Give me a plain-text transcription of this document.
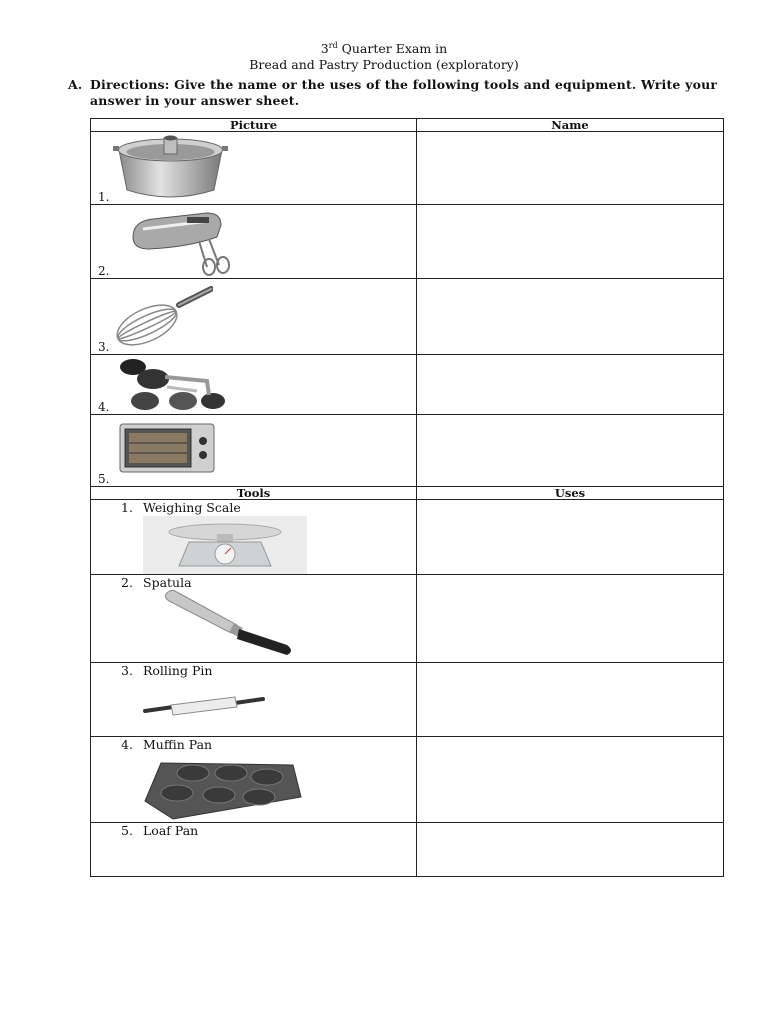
3rd Quarter Exam in
Bread and Pastry Production (exploratory)
A. Directions: Give the name or the uses of the following tools and equipment. Write your answer in your answer sheet.
Picture	Name

1.	

2.	

3.	

4.	

5.	

Tools	Uses

1. Weighing Scale	

2. Spatula	

3. Rolling Pin	

4. Muffin Pan	

5. Loaf Pan	
